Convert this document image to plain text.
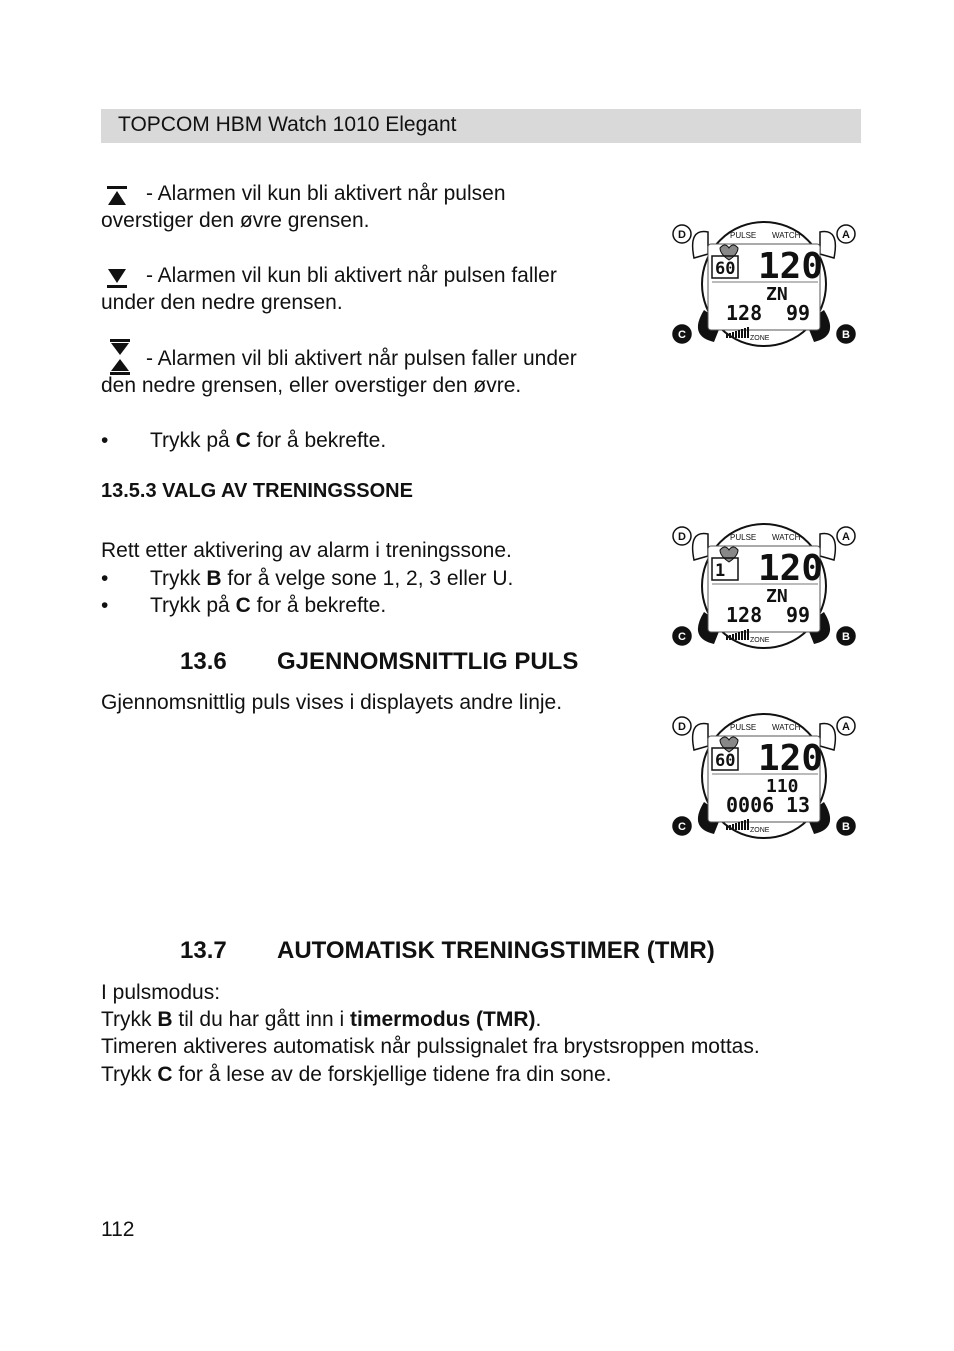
TOPCOM HBM Watch 1010 Elegant
- Alarmen vil kun bli aktivert når pulsen
overstiger den øvre grensen.
- Alarmen vil kun bli aktivert når pulsen faller
under den nedre grensen.
- Alarmen vil bli aktivert når pulsen faller under
den nedre grensen, eller overstiger den øvre.
• Trykk på C for å bekrefte.
13.5.3 VALG AV TRENINGSSONE
Rett etter aktivering av alarm i treningssone.
• Trykk B for å velge sone 1, 2, 3 eller U.
• Trykk på C for å bekrefte.
13.6 GJENNOMSNITTLIG PULS
Gjennomsnittlig puls vises i displayets andre linje.
13.7 AUTOMATISK TRENINGSTIMER (TMR)
I pulsmodus:
Trykk B til du har gått inn i timermodus (TMR).
Timeren aktiveres automatisk når pulssignalet fra brystsroppen mottas.
Trykk C for å lese av de forskjellige tidene fra din sone.
112
PULSE WATCH
120
60
ZN
128 99
ZONE
D	A
C	B
PULSE WATCH
120
1
ZN
128 99
ZONE
D	A
C	B
PULSE WATCH
120
60
110
0006 13
ZONE
D	A
C	B
